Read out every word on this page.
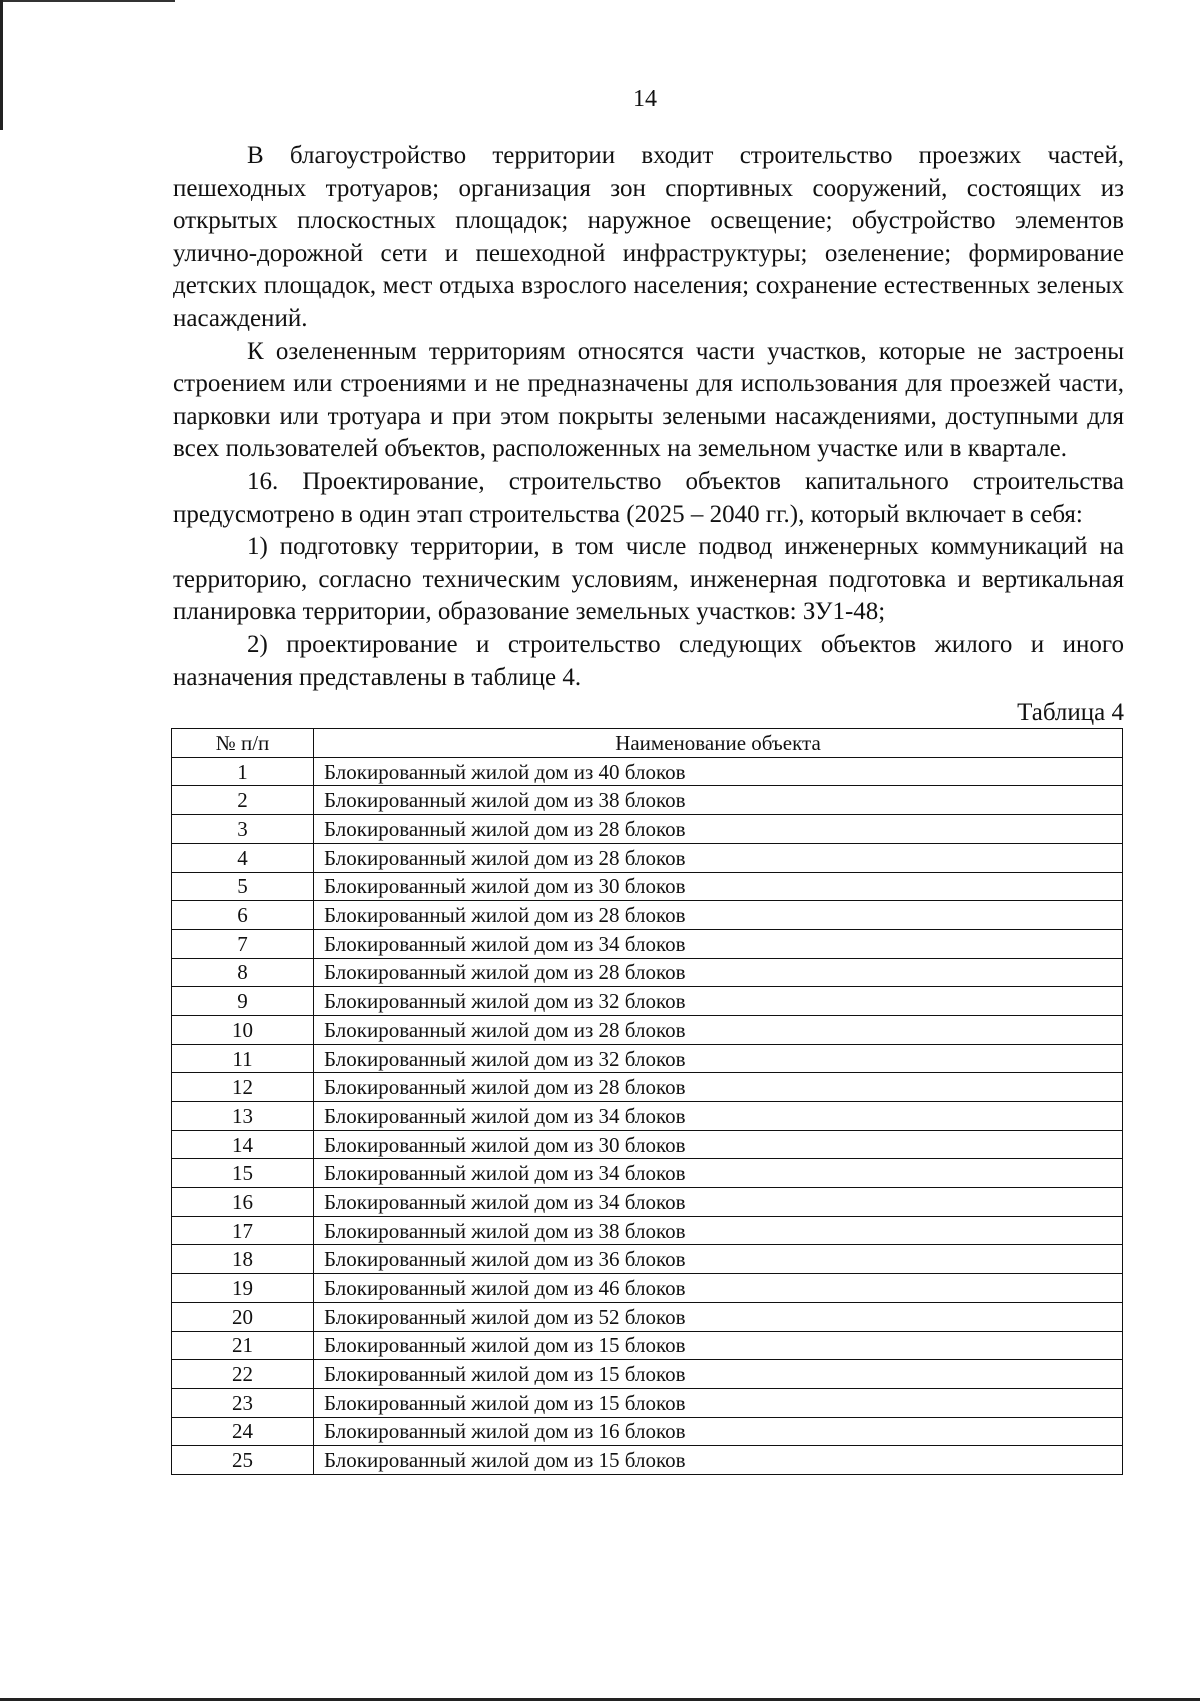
14

В благоустройство территории входит строительство проезжих частей, пешеходных тротуаров; организация зон спортивных сооружений, состоящих из открытых плоскостных площадок; наружное освещение; обустройство элементов улично-дорожной сети и пешеходной инфраструктуры; озеленение; формирование детских площадок, мест отдыха взрослого населения; сохранение естественных зеленых насаждений.

К озелененным территориям относятся части участков, которые не застроены строением или строениями и не предназначены для использования для проезжей части, парковки или тротуара и при этом покрыты зелеными насаждениями, доступными для всех пользователей объектов, расположенных на земельном участке или в квартале.

16. Проектирование, строительство объектов капитального строительства предусмотрено в один этап строительства (2025 – 2040 гг.), который включает в себя:

1) подготовку территории, в том числе подвод инженерных коммуникаций на территорию, согласно техническим условиям, инженерная подготовка и вертикальная планировка территории, образование земельных участков: ЗУ1-48;

2) проектирование и строительство следующих объектов жилого и иного назначения представлены в таблице 4.

Таблица 4
№ п/п	Наименование объекта
1	Блокированный жилой дом из 40 блоков
2	Блокированный жилой дом из 38 блоков
3	Блокированный жилой дом из 28 блоков
4	Блокированный жилой дом из 28 блоков
5	Блокированный жилой дом из 30 блоков
6	Блокированный жилой дом из 28 блоков
7	Блокированный жилой дом из 34 блоков
8	Блокированный жилой дом из 28 блоков
9	Блокированный жилой дом из 32 блоков
10	Блокированный жилой дом из 28 блоков
11	Блокированный жилой дом из 32 блоков
12	Блокированный жилой дом из 28 блоков
13	Блокированный жилой дом из 34 блоков
14	Блокированный жилой дом из 30 блоков
15	Блокированный жилой дом из 34 блоков
16	Блокированный жилой дом из 34 блоков
17	Блокированный жилой дом из 38 блоков
18	Блокированный жилой дом из 36 блоков
19	Блокированный жилой дом из 46 блоков
20	Блокированный жилой дом из 52 блоков
21	Блокированный жилой дом из 15 блоков
22	Блокированный жилой дом из 15 блоков
23	Блокированный жилой дом из 15 блоков
24	Блокированный жилой дом из 16 блоков
25	Блокированный жилой дом из 15 блоков
